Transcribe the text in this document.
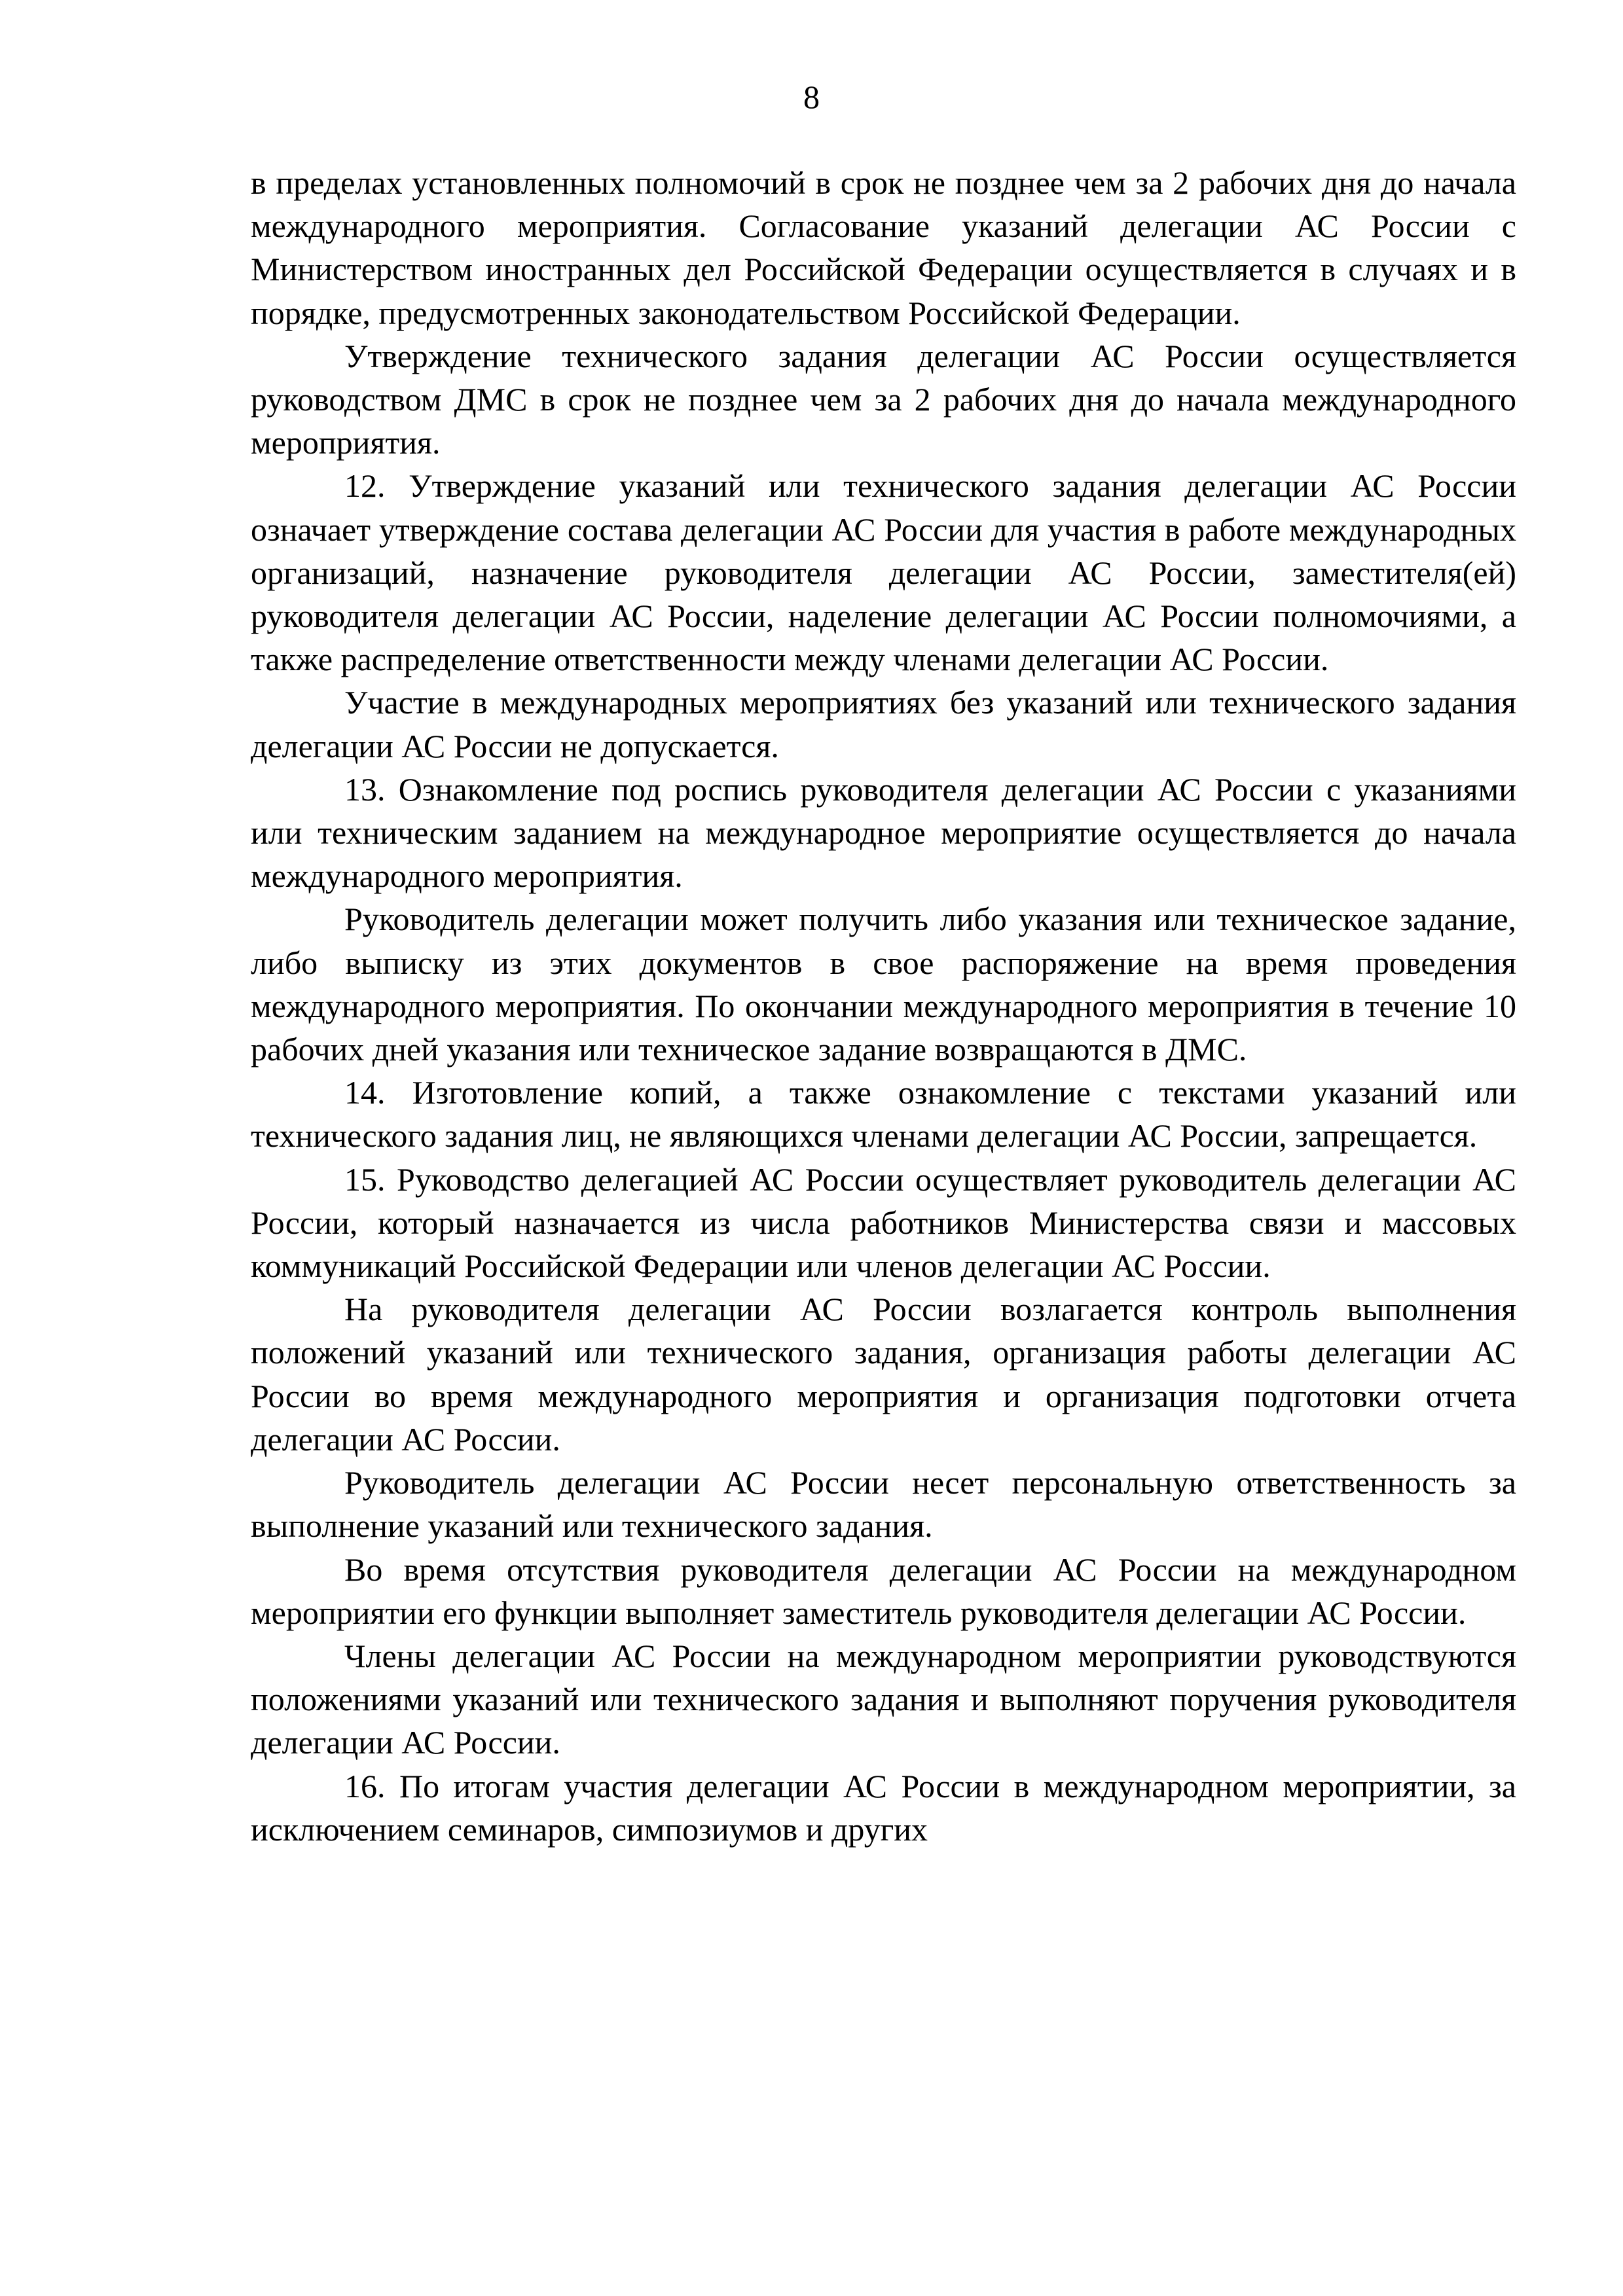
8

в пределах установленных полномочий в срок не позднее чем за 2 рабочих дня до начала международного мероприятия. Согласование указаний делегации АС России с Министерством иностранных дел Российской Федерации осуществляется в случаях и в порядке, предусмотренных законодательством Российской Федерации.

Утверждение технического задания делегации АС России осуществляется руководством ДМС в срок не позднее чем за 2 рабочих дня до начала международного мероприятия.

12. Утверждение указаний или технического задания делегации АС России означает утверждение состава делегации АС России для участия в работе международных организаций, назначение руководителя делегации АС России, заместителя(ей) руководителя делегации АС России, наделение делегации АС России полномочиями, а также распределение ответственности между членами делегации АС России.

Участие в международных мероприятиях без указаний или технического задания делегации АС России не допускается.

13. Ознакомление под роспись руководителя делегации АС России с указаниями или техническим заданием на международное мероприятие осуществляется до начала международного мероприятия.

Руководитель делегации может получить либо указания или техническое задание, либо выписку из этих документов в свое распоряжение на время проведения международного мероприятия. По окончании международного мероприятия в течение 10 рабочих дней указания или техническое задание возвращаются в ДМС.

14. Изготовление копий, а также ознакомление с текстами указаний или технического задания лиц, не являющихся членами делегации АС России, запрещается.

15. Руководство делегацией АС России осуществляет руководитель делегации АС России, который назначается из числа работников Министерства связи и массовых коммуникаций Российской Федерации или членов делегации АС России.

На руководителя делегации АС России возлагается контроль выполнения положений указаний или технического задания, организация работы делегации АС России во время международного мероприятия и организация подготовки отчета делегации АС России.

Руководитель делегации АС России несет персональную ответственность за выполнение указаний или технического задания.

Во время отсутствия руководителя делегации АС России на международном мероприятии его функции выполняет заместитель руководителя делегации АС России.

Члены делегации АС России на международном мероприятии руководствуются положениями указаний или технического задания и выполняют поручения руководителя делегации АС России.

16. По итогам участия делегации АС России в международном мероприятии, за исключением семинаров, симпозиумов и других
